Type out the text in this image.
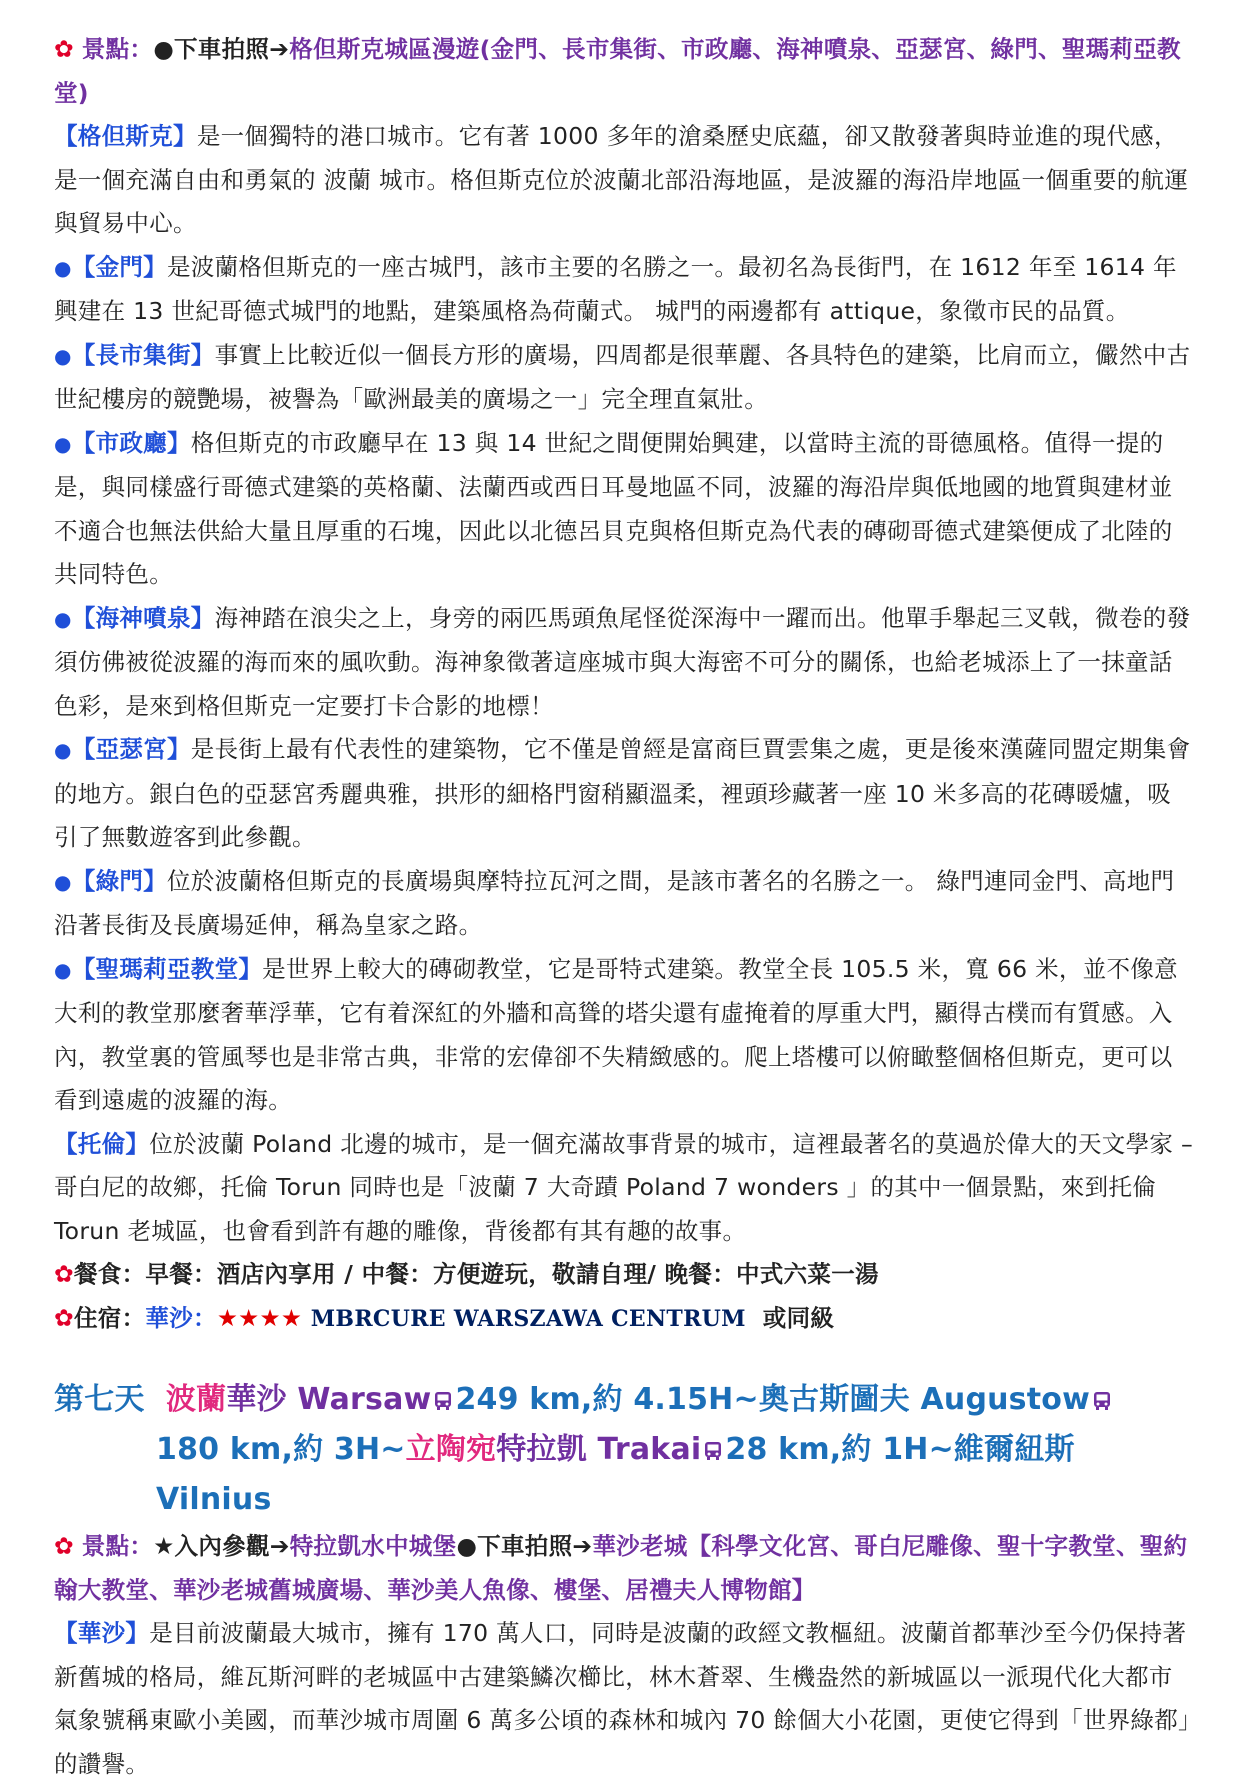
✿ 景點：●下車拍照➔格但斯克城區漫遊(金門、長市集街、市政廳、海神噴泉、亞瑟宮、綠門、聖瑪莉亞教堂)

【格但斯克】是一個獨特的港口城市。它有著 1000 多年的滄桑歷史底蘊，卻又散發著與時並進的現代感，是一個充滿自由和勇氣的 波蘭 城市。格但斯克位於波蘭北部沿海地區，是波羅的海沿岸地區一個重要的航運與貿易中心。

●【金門】是波蘭格但斯克的一座古城門，該市主要的名勝之一。最初名為長街門，在 1612 年至 1614 年興建在 13 世紀哥德式城門的地點，建築風格為荷蘭式。 城門的兩邊都有 attique，象徵市民的品質。

●【長市集街】事實上比較近似一個長方形的廣場，四周都是很華麗、各具特色的建築，比肩而立，儼然中古世紀樓房的競艷場，被譽為「歐洲最美的廣場之一」完全理直氣壯。

●【市政廳】格但斯克的市政廳早在 13 與 14 世紀之間便開始興建，以當時主流的哥德風格。值得一提的是，與同樣盛行哥德式建築的英格蘭、法蘭西或西日耳曼地區不同，波羅的海沿岸與低地國的地質與建材並不適合也無法供給大量且厚重的石塊，因此以北德呂貝克與格但斯克為代表的磚砌哥德式建築便成了北陸的共同特色。

●【海神噴泉】海神踏在浪尖之上，身旁的兩匹馬頭魚尾怪從深海中一躍而出。他單手舉起三叉戟，微卷的發須仿佛被從波羅的海而來的風吹動。海神象徵著這座城市與大海密不可分的關係，也給老城添上了一抹童話色彩，是來到格但斯克一定要打卡合影的地標！

●【亞瑟宮】是長街上最有代表性的建築物，它不僅是曾經是富商巨賈雲集之處，更是後來漢薩同盟定期集會的地方。銀白色的亞瑟宮秀麗典雅，拱形的細格門窗稍顯溫柔，裡頭珍藏著一座 10 米多高的花磚暖爐，吸引了無數遊客到此參觀。

●【綠門】位於波蘭格但斯克的長廣場與摩特拉瓦河之間，是該市著名的名勝之一。 綠門連同金門、高地門沿著長街及長廣場延伸，稱為皇家之路。

●【聖瑪莉亞教堂】是世界上較大的磚砌教堂，它是哥特式建築。教堂全長 105.5 米，寬 66 米，並不像意大利的教堂那麼奢華浮華，它有着深紅的外牆和高聳的塔尖還有虛掩着的厚重大門，顯得古樸而有質感。入內，教堂裏的管風琴也是非常古典，非常的宏偉卻不失精緻感的。爬上塔樓可以俯瞰整個格但斯克，更可以看到遠處的波羅的海。

【托倫】位於波蘭 Poland 北邊的城市，是一個充滿故事背景的城市，這裡最著名的莫過於偉大的天文學家 – 哥白尼的故鄉，托倫 Torun 同時也是「波蘭 7 大奇蹟 Poland 7 wonders 」的其中一個景點，來到托倫 Torun 老城區，也會看到許有趣的雕像，背後都有其有趣的故事。

✿餐食：早餐：酒店內享用 / 中餐：方便遊玩，敬請自理/ 晚餐：中式六菜一湯

✿住宿：華沙：★★★★ MBRCURE WARSZAWA CENTRUM 或同級

第七天 波蘭華沙 Warsaw 249 km,約 4.15H~奧古斯圖夫 Augustow

180 km,約 3H~立陶宛特拉凱 Trakai 28 km,約 1H~維爾紐斯 Vilnius

✿ 景點：★入內參觀➔特拉凱水中城堡●下車拍照➔華沙老城【科學文化宮、哥白尼雕像、聖十字教堂、聖約翰大教堂、華沙老城舊城廣場、華沙美人魚像、樓堡、居禮夫人博物館】

【華沙】是目前波蘭最大城市，擁有 170 萬人口，同時是波蘭的政經文教樞紐。波蘭首都華沙至今仍保持著新舊城的格局，維瓦斯河畔的老城區中古建築鱗次櫛比，林木蒼翠、生機盎然的新城區以一派現代化大都市氣象號稱東歐小美國，而華沙城市周圍 6 萬多公頃的森林和城內 70 餘個大小花園，更使它得到「世界綠都」的讚譽。
